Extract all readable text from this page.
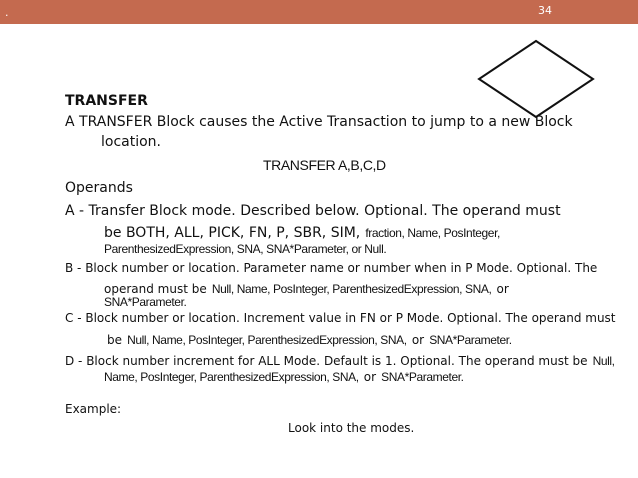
.	34
TRANSFER
A TRANSFER Block causes the Active Transaction to jump to a new Block
location.
TRANSFER A,B,C,D
Operands
A - Transfer Block mode. Described below. Optional. The operand must
be BOTH, ALL, PICK, FN, P, SBR, SIM, fraction, Name, PosInteger,
ParenthesizedExpression, SNA, SNA*Parameter, or Null.
B - Block number or location. Parameter name or number when in P Mode. Optional. The
operand must be Null, Name, PosInteger, ParenthesizedExpression, SNA, or
SNA*Parameter.
C - Block number or location. Increment value in FN or P Mode. Optional. The operand must
be Null, Name, PosInteger, ParenthesizedExpression, SNA, or SNA*Parameter.
D - Block number increment for ALL Mode. Default is 1. Optional. The operand must be Null,
Name, PosInteger, ParenthesizedExpression, SNA, or SNA*Parameter.
Example:
Look into the modes.
